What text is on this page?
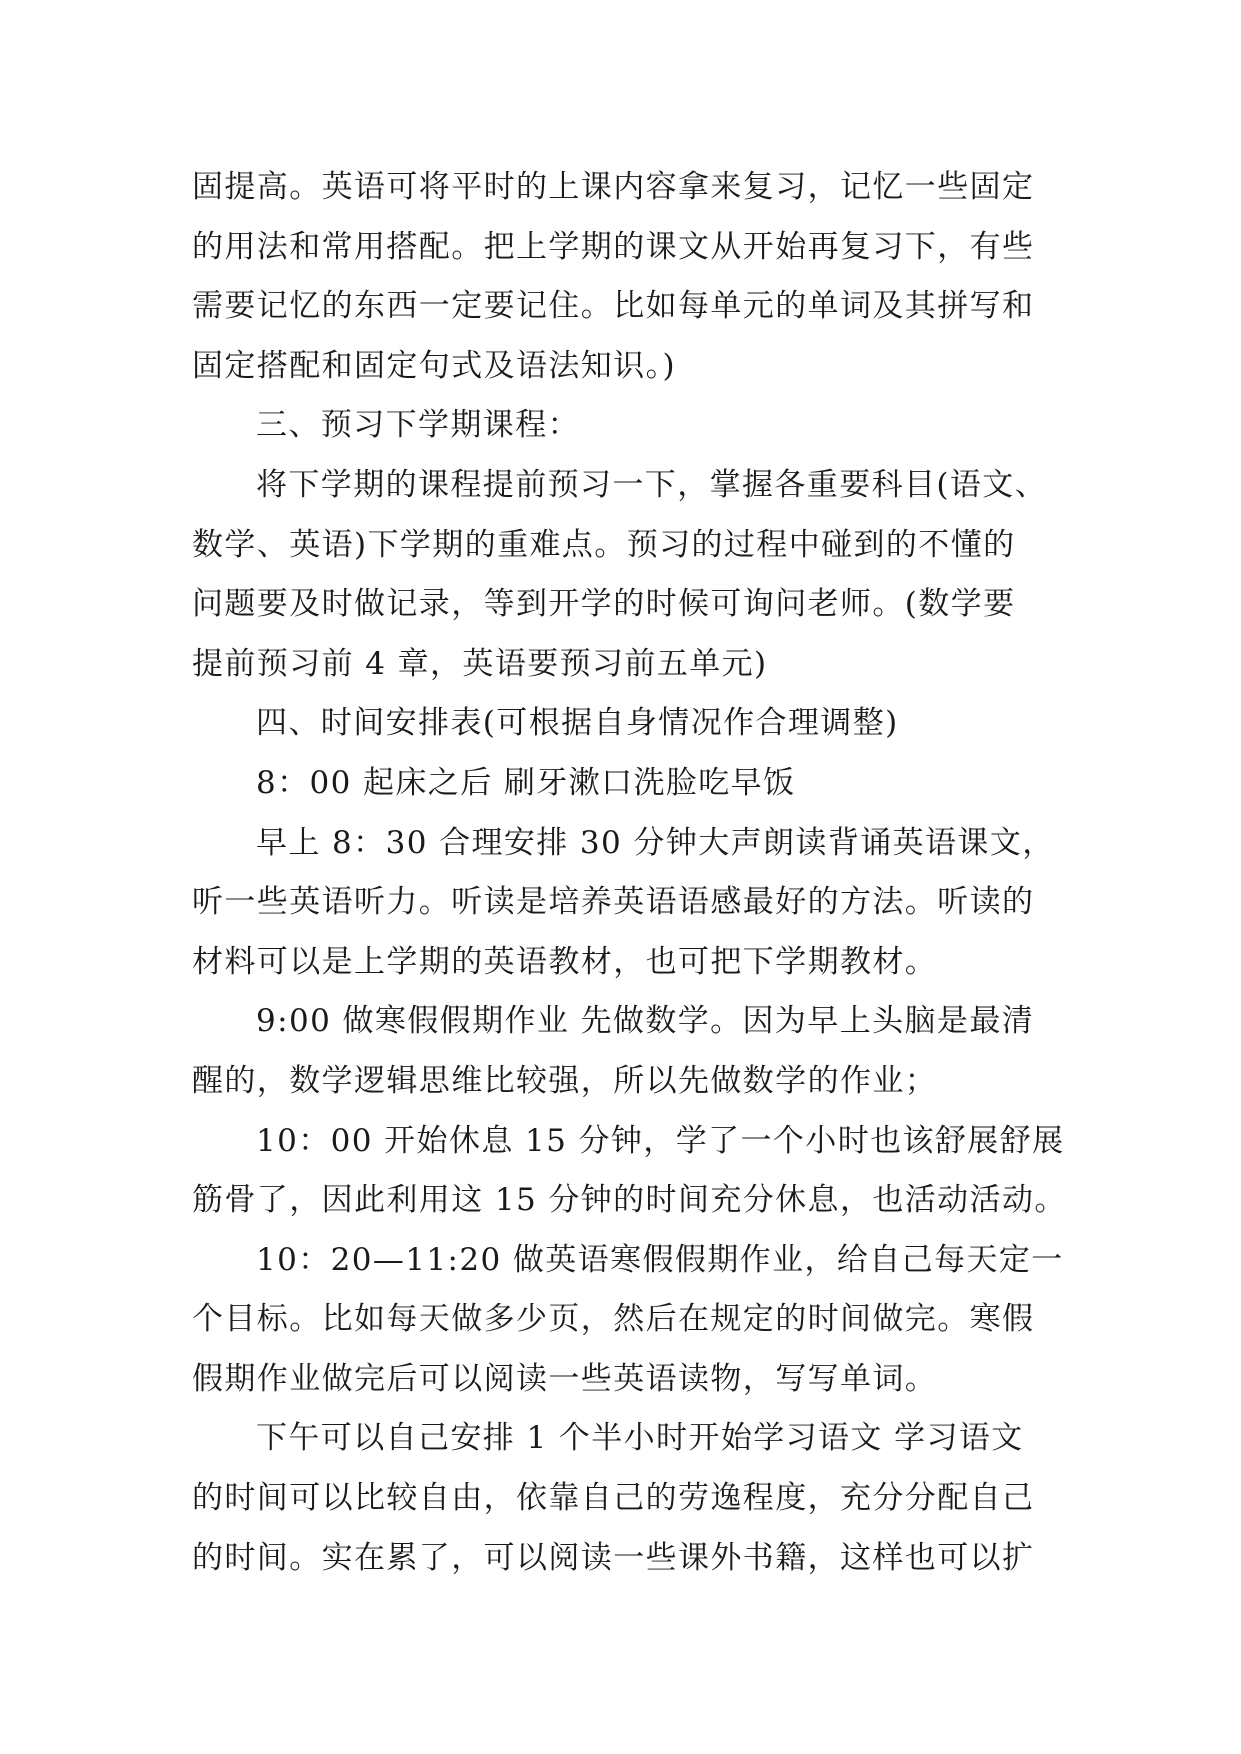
固提高。英语可将平时的上课内容拿来复习，记忆一些固定
的用法和常用搭配。把上学期的课文从开始再复习下，有些
需要记忆的东西一定要记住。比如每单元的单词及其拼写和
固定搭配和固定句式及语法知识。)
三、预习下学期课程：
将下学期的课程提前预习一下，掌握各重要科目(语文、
数学、英语)下学期的重难点。预习的过程中碰到的不懂的
问题要及时做记录，等到开学的时候可询问老师。(数学要
提前预习前 4 章，英语要预习前五单元)
四、时间安排表(可根据自身情况作合理调整)
8：00 起床之后 刷牙漱口洗脸吃早饭
早上 8：30 合理安排 30 分钟大声朗读背诵英语课文，
听一些英语听力。听读是培养英语语感最好的方法。听读的
材料可以是上学期的英语教材，也可把下学期教材。
9:00 做寒假假期作业 先做数学。因为早上头脑是最清
醒的，数学逻辑思维比较强，所以先做数学的作业；
10：00 开始休息 15 分钟，学了一个小时也该舒展舒展
筋骨了，因此利用这 15 分钟的时间充分休息，也活动活动。
10：20—11:20 做英语寒假假期作业，给自己每天定一
个目标。比如每天做多少页，然后在规定的时间做完。寒假
假期作业做完后可以阅读一些英语读物，写写单词。
下午可以自己安排 1 个半小时开始学习语文 学习语文
的时间可以比较自由，依靠自己的劳逸程度，充分分配自己
的时间。实在累了，可以阅读一些课外书籍，这样也可以扩
